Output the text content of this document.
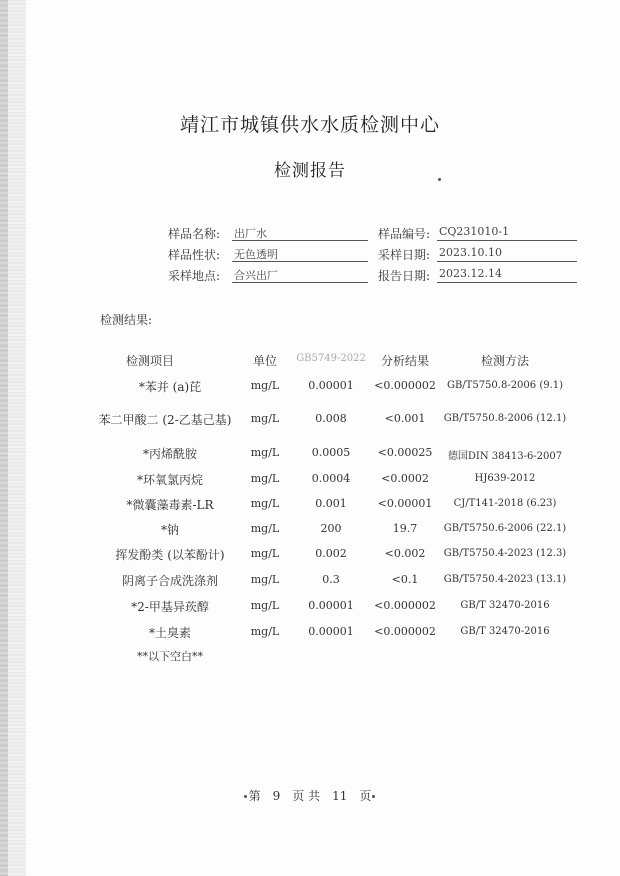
靖江市城镇供水水质检测中心
检测报告
样品名称: 出厂水	样品编号: CQ231010-1
样品性状: 无色透明	采样日期: 2023.10.10
采样地点: 合兴出厂	报告日期: 2023.12.14
检测结果:
检测项目	单位	GB5749-2022	分析结果	检测方法
*苯并 (a)芘	mg/L	0.00001	<0.000002	GB/T5750.8-2006 (9.1)
苯二甲酸二 (2-乙基己基)	mg/L	0.008	<0.001	GB/T5750.8-2006 (12.1)
*丙烯酰胺	mg/L	0.0005	<0.00025	德国DIN 38413-6-2007
*环氧氯丙烷	mg/L	0.0004	<0.0002	HJ639-2012
*微囊藻毒素-LR	mg/L	0.001	<0.00001	CJ/T141-2018 (6.23)
*钠	mg/L	200	19.7	GB/T5750.6-2006 (22.1)
挥发酚类 (以苯酚计)	mg/L	0.002	<0.002	GB/T5750.4-2023 (12.3)
阴离子合成洗涤剂	mg/L	0.3	<0.1	GB/T5750.4-2023 (13.1)
*2-甲基异莰醇	mg/L	0.00001	<0.000002	GB/T 32470-2016
*土臭素	mg/L	0.00001	<0.000002	GB/T 32470-2016
**以下空白**
第 9 页 共 11 页
